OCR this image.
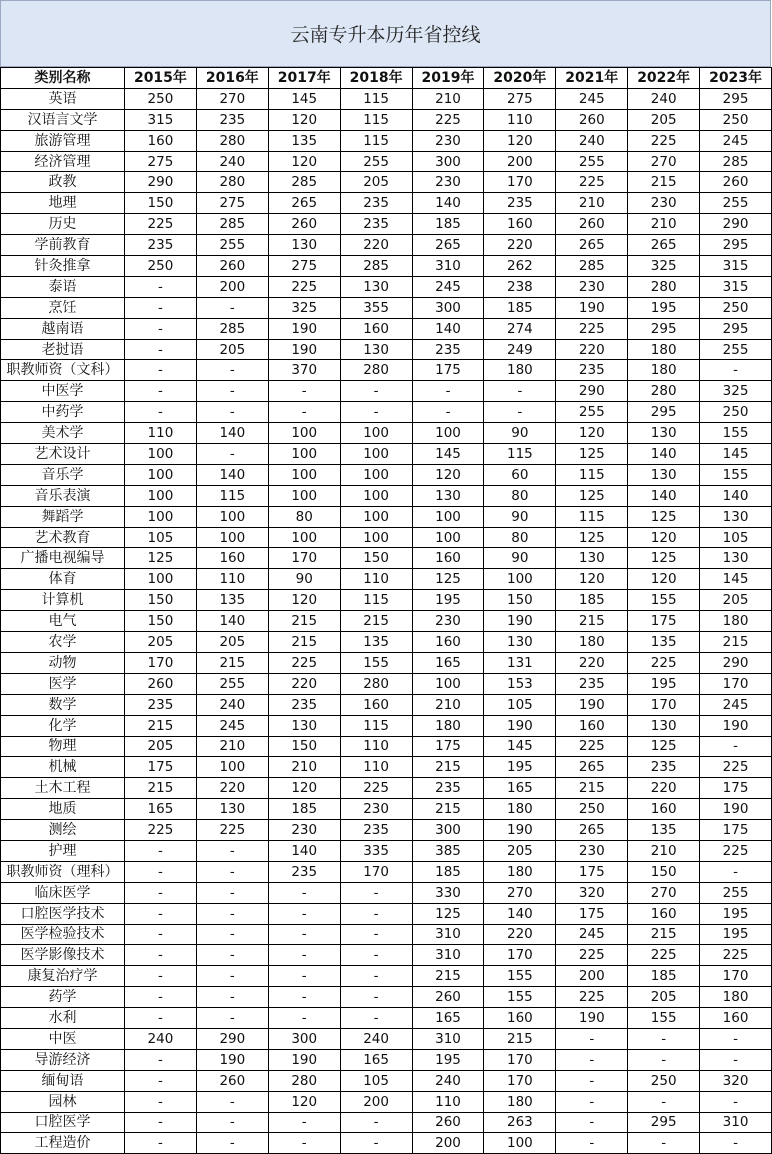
云南专升本历年省控线
类别名称	2015年	2016年	2017年	2018年	2019年	2020年	2021年	2022年	2023年
英语	250	270	145	115	210	275	245	240	295
汉语言文学	315	235	120	115	225	110	260	205	250
旅游管理	160	280	135	115	230	120	240	225	245
经济管理	275	240	120	255	300	200	255	270	285
政教	290	280	285	205	230	170	225	215	260
地理	150	275	265	235	140	235	210	230	255
历史	225	285	260	235	185	160	260	210	290
学前教育	235	255	130	220	265	220	265	265	295
针灸推拿	250	260	275	285	310	262	285	325	315
泰语	-	200	225	130	245	238	230	280	315
烹饪	-	-	325	355	300	185	190	195	250
越南语	-	285	190	160	140	274	225	295	295
老挝语	-	205	190	130	235	249	220	180	255
职教师资（文科）	-	-	370	280	175	180	235	180	-
中医学	-	-	-	-	-	-	290	280	325
中药学	-	-	-	-	-	-	255	295	250
美术学	110	140	100	100	100	90	120	130	155
艺术设计	100	-	100	100	145	115	125	140	145
音乐学	100	140	100	100	120	60	115	130	155
音乐表演	100	115	100	100	130	80	125	140	140
舞蹈学	100	100	80	100	100	90	115	125	130
艺术教育	105	100	100	100	100	80	125	120	105
广播电视编导	125	160	170	150	160	90	130	125	130
体育	100	110	90	110	125	100	120	120	145
计算机	150	135	120	115	195	150	185	155	205
电气	150	140	215	215	230	190	215	175	180
农学	205	205	215	135	160	130	180	135	215
动物	170	215	225	155	165	131	220	225	290
医学	260	255	220	280	100	153	235	195	170
数学	235	240	235	160	210	105	190	170	245
化学	215	245	130	115	180	190	160	130	190
物理	205	210	150	110	175	145	225	125	-
机械	175	100	210	110	215	195	265	235	225
土木工程	215	220	120	225	235	165	215	220	175
地质	165	130	185	230	215	180	250	160	190
测绘	225	225	230	235	300	190	265	135	175
护理	-	-	140	335	385	205	230	210	225
职教师资（理科）	-	-	235	170	185	180	175	150	-
临床医学	-	-	-	-	330	270	320	270	255
口腔医学技术	-	-	-	-	125	140	175	160	195
医学检验技术	-	-	-	-	310	220	245	215	195
医学影像技术	-	-	-	-	310	170	225	225	225
康复治疗学	-	-	-	-	215	155	200	185	170
药学	-	-	-	-	260	155	225	205	180
水利	-	-	-	-	165	160	190	155	160
中医	240	290	300	240	310	215	-	-	-
导游经济	-	190	190	165	195	170	-	-	-
缅甸语	-	260	280	105	240	170	-	250	320
园林	-	-	120	200	110	180	-	-	-
口腔医学	-	-	-	-	260	263	-	295	310
工程造价	-	-	-	-	200	100	-	-	-
